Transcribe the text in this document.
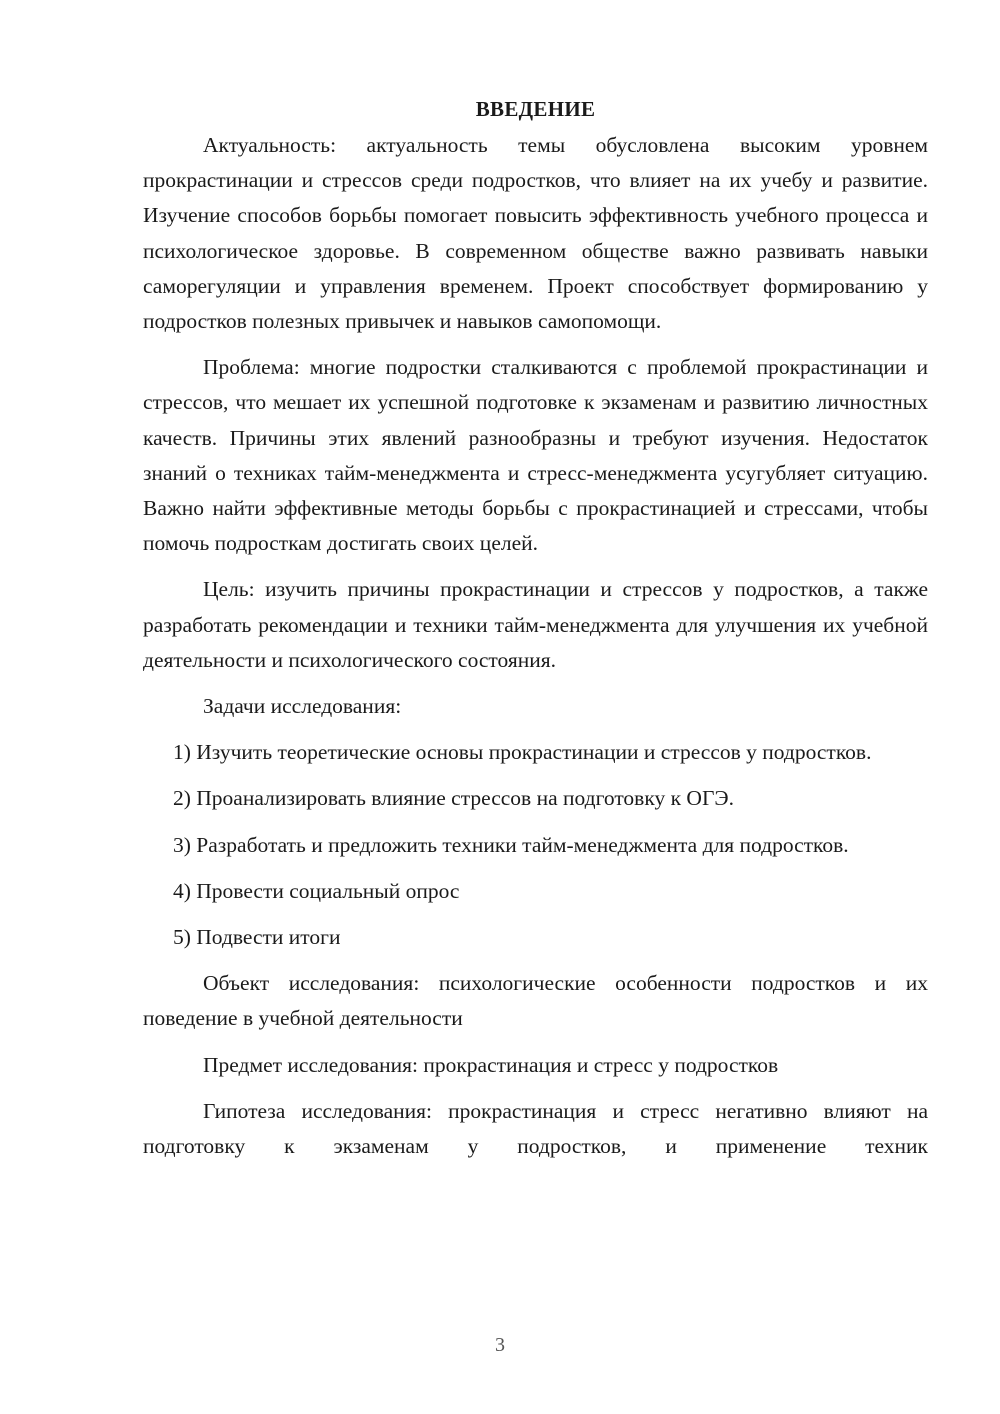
ВВЕДЕНИЕ

Актуальность: актуальность темы обусловлена высоким уровнем прокрастинации и стрессов среди подростков, что влияет на их учебу и развитие. Изучение способов борьбы помогает повысить эффективность учебного процесса и психологическое здоровье. В современном обществе важно развивать навыки саморегуляции и управления временем. Проект способствует формированию у подростков полезных привычек и навыков самопомощи.

Проблема: многие подростки сталкиваются с проблемой прокрастинации и стрессов, что мешает их успешной подготовке к экзаменам и развитию личностных качеств. Причины этих явлений разнообразны и требуют изучения. Недостаток знаний о техниках тайм-менеджмента и стресс-менеджмента усугубляет ситуацию. Важно найти эффективные методы борьбы с прокрастинацией и стрессами, чтобы помочь подросткам достигать своих целей.

Цель: изучить причины прокрастинации и стрессов у подростков, а также разработать рекомендации и техники тайм-менеджмента для улучшения их учебной деятельности и психологического состояния.

Задачи исследования:

1) Изучить теоретические основы прокрастинации и стрессов у подростков.

2) Проанализировать влияние стрессов на подготовку к ОГЭ.

3) Разработать и предложить техники тайм-менеджмента для подростков.

4) Провести социальный опрос

5) Подвести итоги

Объект исследования: психологические особенности подростков и их поведение в учебной деятельности

Предмет исследования: прокрастинация и стресс у подростков

Гипотеза исследования: прокрастинация и стресс негативно влияют на подготовку к экзаменам у подростков, и применение техник

3
